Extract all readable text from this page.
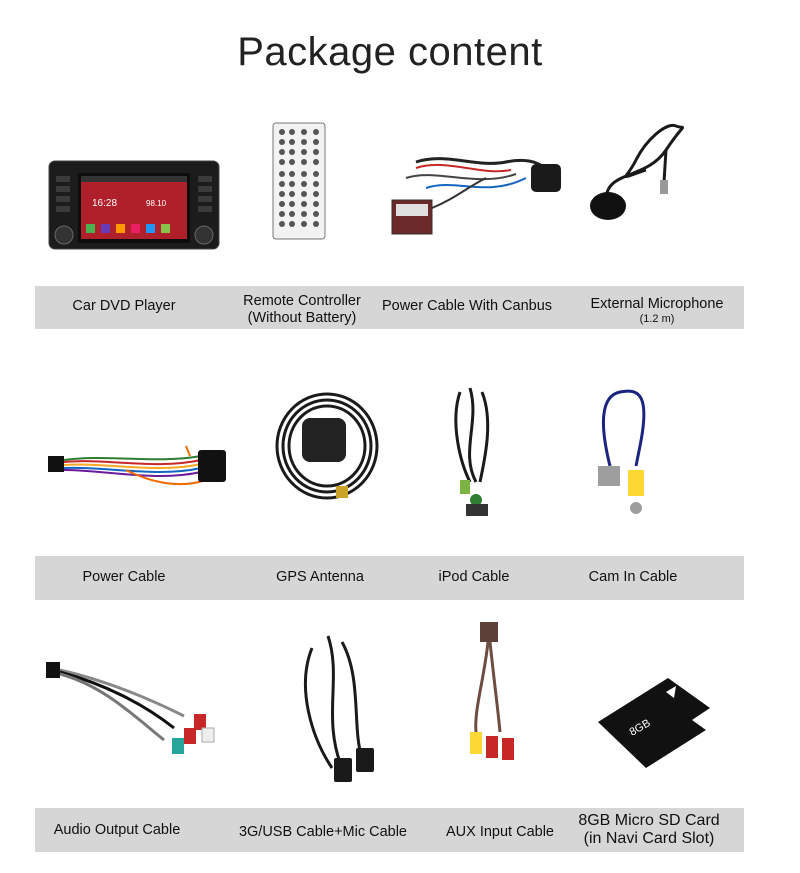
Package content
16:28	98.10
Car DVD Player	Remote Controller
(Without Battery)
Power Cable With Canbus	External Microphone
(1.2 m)
Power Cable	GPS Antenna	iPod Cable	Cam In Cable
8GB
Audio Output Cable	3G/USB Cable+Mic Cable	AUX Input Cable
8GB Micro SD Card
(in Navi Card Slot)
